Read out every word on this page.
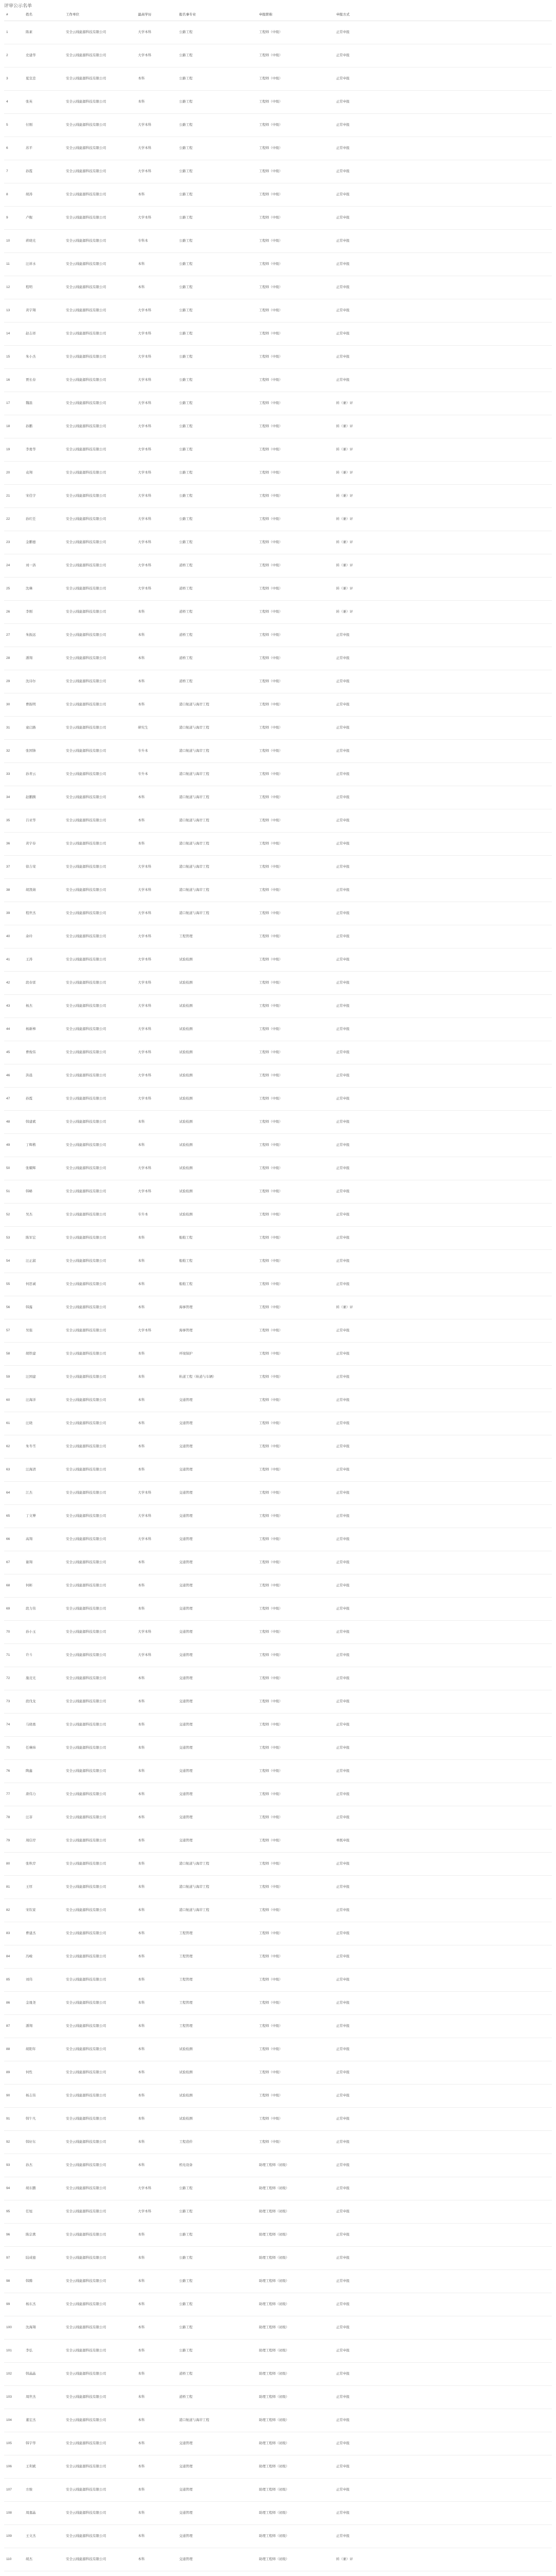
评审公示名单
#	姓名	工作单位	最高学历	报名事专业	申报职称	申报方式
1	陈素	安全云线能源科技有限公司	大学本科	公路工程	工程师（中级）	正常申报
2	史建华	安全云线能源科技有限公司	大学本科	公路工程	工程师（中级）	正常申报
3	夏宣忠	安全云线能源科技有限公司	本科	公路工程	工程师（中级）	正常申报
4	张英	安全云线能源科技有限公司	本科	公路工程	工程师（中级）	正常申报
5	付刚	安全云线能源科技有限公司	大学本科	公路工程	工程师（中级）	正常申报
6	苏平	安全云线能源科技有限公司	大学本科	公路工程	工程师（中级）	正常申报
7	孙霞	安全云线能源科技有限公司	大学本科	公路工程	工程师（中级）	正常申报
8	胡涛	安全云线能源科技有限公司	本科	公路工程	工程师（中级）	正常申报
9	卢舰	安全云线能源科技有限公司	大学本科	公路工程	工程师（中级）	正常申报
10	蒋晓光	安全云线能源科技有限公司	专科本	公路工程	工程师（中级）	正常申报
11	汪祥水	安全云线能源科技有限公司	本科	公路工程	工程师（中级）	正常申报
12	程明	安全云线能源科技有限公司	本科	公路工程	工程师（中级）	正常申报
13	黄宇翔	安全云线能源科技有限公司	大学本科	公路工程	工程师（中级）	正常申报
14	赵志祥	安全云线能源科技有限公司	大学本科	公路工程	工程师（中级）	正常申报
15	朱小杰	安全云线能源科技有限公司	大学本科	公路工程	工程师（中级）	正常申报
16	贾长春	安全云线能源科技有限公司	大学本科	公路工程	工程师（中级）	正常申报
17	魏磊	安全云线能源科技有限公司	大学本科	公路工程	工程师（中级）	转（兼）评
18	孙鹏	安全云线能源科技有限公司	大学本科	公路工程	工程师（中级）	转（兼）评
19	李勇华	安全云线能源科技有限公司	大学本科	公路工程	工程师（中级）	转（兼）评
20	袁翔	安全云线能源科技有限公司	大学本科	公路工程	工程师（中级）	转（兼）评
21	宋佳宇	安全云线能源科技有限公司	大学本科	公路工程	工程师（中级）	转（兼）评
22	孙红任	安全云线能源科技有限公司	大学本科	公路工程	工程师（中级）	转（兼）评
23	金鹏德	安全云线能源科技有限公司	大学本科	公路工程	工程师（中级）	转（兼）评
24	刘一洛	安全云线能源科技有限公司	大学本科	道桥工程	工程师（中级）	转（兼）评
25	沈琳	安全云线能源科技有限公司	大学本科	道桥工程	工程师（中级）	转（兼）评
26	李刚	安全云线能源科技有限公司	本科	道桥工程	工程师（中级）	转（兼）评
27	朱振远	安全云线能源科技有限公司	本科	道桥工程	工程师（中级）	正常申报
28	潘翔	安全云线能源科技有限公司	本科	道桥工程	工程师（中级）	正常申报
29	沈诗尔	安全云线能源科技有限公司	本科	道桥工程	工程师（中级）	正常申报
30	曹振明	安全云线能源科技有限公司	本科	港口航道与海岸工程	工程师（中级）	正常申报
31	童启路	安全云线能源科技有限公司	研究生	港口航道与海岸工程	工程师（中级）	正常申报
32	张国锋	安全云线能源科技有限公司	专升本	港口航道与海岸工程	工程师（中级）	正常申报
33	孙青云	安全云线能源科技有限公司	专升本	港口航道与海岸工程	工程师（中级）	正常申报
34	赵鹏腾	安全云线能源科技有限公司	本科	港口航道与海岸工程	工程师（中级）	正常申报
35	吕亚华	安全云线能源科技有限公司	本科	港口航道与海岸工程	工程师（中级）	正常申报
36	黄宇春	安全云线能源科技有限公司	本科	港口航道与海岸工程	工程师（中级）	正常申报
37	徐吉荣	安全云线能源科技有限公司	大学本科	港口航道与海岸工程	工程师（中级）	正常申报
38	胡凯婧	安全云线能源科技有限公司	大学本科	港口航道与海岸工程	工程师（中级）	正常申报
39	程世杰	安全云线能源科技有限公司	大学本科	港口航道与海岸工程	工程师（中级）	正常申报
40	余玲	安全云线能源科技有限公司	大学本科	工程管理	工程师（中级）	正常申报
41	王涛	安全云线能源科技有限公司	大学本科	试验检测	工程师（中级）	正常申报
42	段春雷	安全云线能源科技有限公司	大学本科	试验检测	工程师（中级）	正常申报
43	杨杰	安全云线能源科技有限公司	大学本科	试验检测	工程师（中级）	正常申报
44	杨新棒	安全云线能源科技有限公司	大学本科	试验检测	工程师（中级）	正常申报
45	曹俊伟	安全云线能源科技有限公司	大学本科	试验检测	工程师（中级）	正常申报
46	洪晨	安全云线能源科技有限公司	大学本科	试验检测	工程师（中级）	正常申报
47	孙霞	安全云线能源科技有限公司	大学本科	试验检测	工程师（中级）	正常申报
48	韩建斌	安全云线能源科技有限公司	本科	试验检测	工程师（中级）	正常申报
49	丁辉楷	安全云线能源科技有限公司	本科	试验检测	工程师（中级）	正常申报
50	张耀辉	安全云线能源科技有限公司	大学本科	试验检测	工程师（中级）	正常申报
51	韩略	安全云线能源科技有限公司	大学本科	试验检测	工程师（中级）	正常申报
52	吴杰	安全云线能源科技有限公司	专升本	试验检测	工程师（中级）	正常申报
53	陈军宏	安全云线能源科技有限公司	本科	船舶工程	工程师（中级）	正常申报
54	汪正淑	安全云线能源科技有限公司	本科	船舶工程	工程师（中级）	正常申报
55	何思诚	安全云线能源科技有限公司	本科	船舶工程	工程师（中级）	正常申报
56	韩露	安全云线能源科技有限公司	本科	海事管理	工程师（中级）	转（兼）评
57	吴强	安全云线能源科技有限公司	大学本科	海事管理	工程师（中级）	正常申报
58	胡铁建	安全云线能源科技有限公司	本科	环境保护	工程师（中级）	正常申报
59	汪国建	安全云线能源科技有限公司	本科	轨道工程（轨道与车辆）	工程师（中级）	正常申报
60	汪海洋	安全云线能源科技有限公司	本科	交通管理	工程师（中级）	正常申报
61	汪晓	安全云线能源科技有限公司	本科	交通管理	工程师（中级）	正常申报
62	朱冬雪	安全云线能源科技有限公司	本科	交通管理	工程师（中级）	正常申报
63	汪海清	安全云线能源科技有限公司	本科	交通管理	工程师（中级）	正常申报
64	江杰	安全云线能源科技有限公司	大学本科	交通管理	工程师（中级）	正常申报
65	丁文博	安全云线能源科技有限公司	大学本科	交通管理	工程师（中级）	正常申报
66	高翔	安全云线能源科技有限公司	大学本科	交通管理	工程师（中级）	正常申报
67	谢翔	安全云线能源科技有限公司	本科	交通管理	工程师（中级）	正常申报
68	何彬	安全云线能源科技有限公司	本科	交通管理	工程师（中级）	正常申报
69	段力伟	安全云线能源科技有限公司	本科	交通管理	工程师（中级）	正常申报
70	孙小玉	安全云线能源科技有限公司	大学本科	交通管理	工程师（中级）	正常申报
71	许斗	安全云线能源科技有限公司	大学本科	交通管理	工程师（中级）	正常申报
72	施竞光	安全云线能源科技有限公司	本科	交通管理	工程师（中级）	正常申报
73	段伐龙	安全云线能源科技有限公司	本科	交通管理	工程师（中级）	正常申报
74	马晓勇	安全云线能源科技有限公司	本科	交通管理	工程师（中级）	正常申报
75	任琳炜	安全云线能源科技有限公司	本科	交通管理	工程师（中级）	正常申报
76	陶鑫	安全云线能源科技有限公司	本科	交通管理	工程师（中级）	正常申报
77	唐伟力	安全云线能源科技有限公司	本科	交通管理	工程师（中级）	正常申报
78	汪菲	安全云线能源科技有限公司	本科	交通管理	工程师（中级）	正常申报
79	周信岸	安全云线能源科技有限公司	本科	交通管理	工程师（中级）	单既申报
80	张秋岸	安全云线能源科技有限公司	本科	港口航道与海岸工程	工程师（中级）	正常申报
81	王厚	安全云线能源科技有限公司	本科	港口航道与海岸工程	工程师（中级）	正常申报
82	宋钦家	安全云线能源科技有限公司	本科	港口航道与海岸工程	工程师（中级）	正常申报
83	曹建杰	安全云线能源科技有限公司	本科	工程管理	工程师（中级）	正常申报
84	冯峻	安全云线能源科技有限公司	本科	工程管理	工程师（中级）	正常申报
85	刘伟	安全云线能源科技有限公司	本科	工程管理	工程师（中级）	正常申报
86	金晟尧	安全云线能源科技有限公司	本科	工程管理	工程师（中级）	正常申报
87	潘翔	安全云线能源科技有限公司	本科	工程管理	工程师（中级）	正常申报
88	胡阳年	安全云线能源科技有限公司	本科	试验检测	工程师（中级）	正常申报
89	何性	安全云线能源科技有限公司	本科	试验检测	工程师（中级）	正常申报
90	杨志伟	安全云线能源科技有限公司	本科	试验检测	工程师（中级）	正常申报
91	韩午凡	安全云线能源科技有限公司	本科	试验检测	工程师（中级）	正常申报
92	韩好东	安全云线能源科技有限公司	本科	工程造价	工程师（中级）	正常申报
93	孙杰	安全云线能源科技有限公司	本科	机电设备	助理工程师（初级）	正常申报
94	胡东鹏	安全云线能源科技有限公司	大学本科	公路工程	助理工程师（初级）	正常申报
95	任旭	安全云线能源科技有限公司	大学本科	公路工程	助理工程师（初级）	正常申报
96	陈宗禽	安全云线能源科技有限公司	本科	公路工程	助理工程师（初级）	正常申报
97	陆成德	安全云线能源科技有限公司	本科	公路工程	助理工程师（初级）	正常申报
98	韩腾	安全云线能源科技有限公司	本科	公路工程	助理工程师（初级）	正常申报
99	杨东杰	安全云线能源科技有限公司	本科	公路工程	助理工程师（初级）	正常申报
100	沈海翔	安全云线能源科技有限公司	本科	公路工程	助理工程师（初级）	正常申报
101	李弘	安全云线能源科技有限公司	本科	公路工程	助理工程师（初级）	正常申报
102	韩晶晶	安全云线能源科技有限公司	本科	道桥工程	助理工程师（初级）	正常申报
103	周世杰	安全云线能源科技有限公司	本科	道桥工程	助理工程师（初级）	正常申报
104	董宏杰	安全云线能源科技有限公司	本科	港口航道与海岸工程	助理工程师（初级）	正常申报
105	韩宇华	安全云线能源科技有限公司	本科	交通管理	助理工程师（初级）	正常申报
106	王利斌	安全云线能源科技有限公司	本科	交通管理	助理工程师（初级）	正常申报
107	方骏	安全云线能源科技有限公司	本科	交通管理	助理工程师（初级）	正常申报
108	周嘉晶	安全云线能源科技有限公司	本科	交通管理	助理工程师（初级）	正常申报
109	王文杰	安全云线能源科技有限公司	本科	交通管理	助理工程师（初级）	正常申报
110	胡杰	安全云线能源科技有限公司	本科	交通管理	助理工程师（初级）	转（兼）评
